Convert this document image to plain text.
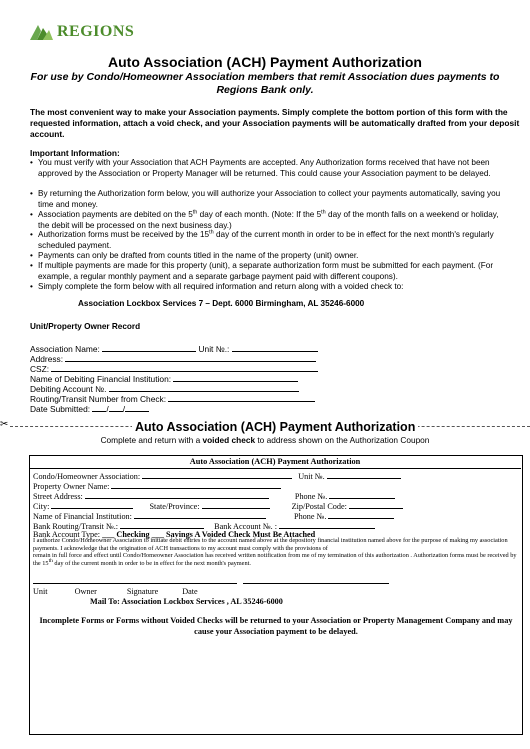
REGIONS
Auto Association (ACH) Payment Authorization
For use by Condo/Homeowner Association members that remit Association dues payments to Regions Bank only.
The most convenient way to make your Association payments. Simply complete the bottom portion of this form with the requested information, attach a void check, and your Association payments will be automatically drafted from your deposit account.
Important Information:
• You must verify with your Association that ACH Payments are accepted. Any Authorization forms received that have not been approved by the Association or Property Manager will be returned. This could cause your Association payment to be delayed.
• By returning the Authorization form below, you will authorize your Association to collect your payments automatically, saving you time and money.
• Association payments are debited on the 5th day of each month. (Note: If the 5th day of the month falls on a weekend or holiday, the debit will be processed on the next business day.)
• Authorization forms must be received by the 15th day of the current month in order to be in effect for the next month's regularly scheduled payment.
• Payments can only be drafted from counts titled in the name of the property (unit) owner.
• If multiple payments are made for this property (unit), a separate authorization form must be submitted for each payment. (For example, a regular monthly payment and a separate garbage payment paid with different coupons).
• Simply complete the form below with all required information and return along with a voided check to:
Association Lockbox Services 7 – Dept. 6000 Birmingham, AL 35246-6000
Unit/Property Owner Record
Association Name:	Unit №.:
Address:
CSZ:
Name of Debiting Financial Institution:
Debiting Account №.
Routing/Transit Number from Check:
Date Submitted: / /
✂	Auto Association (ACH) Payment Authorization
Complete and return with a voided check to address shown on the Authorization Coupon
Auto Association (ACH) Payment Authorization
Condo/Homeowner Association:	Unit №.
Property Owner Name:
Street Address:	Phone №.
City:	State/Province:	Zip/Postal Code:
Name of Financial Institution:	Phone №.
Bank Routing/Transit №.:	Bank Account №. :
Bank Account Type: ___ Checking ___ Savings A Voided Check Must Be Attached
I authorize Condo/Homeowner Association to initiate debit entries to the account named above at the depository financial institution named above for the purpose of making my association payments. I acknowledge that the origination of ACH transactions to my account must comply with the provisions of
remain in full force and effect until Condo/Homeowner Association has received written notification from me of my termination of this authorization . Authorization forms must be received by the 15th day of the current month in order to be in effect for the next month's payment.
Unit	Owner	Signature	Date
Mail To: Association Lockbox Services , AL 35246-6000
Incomplete Forms or Forms without Voided Checks will be returned to your Association or Property Management Company and may cause your Association payment to be delayed.
